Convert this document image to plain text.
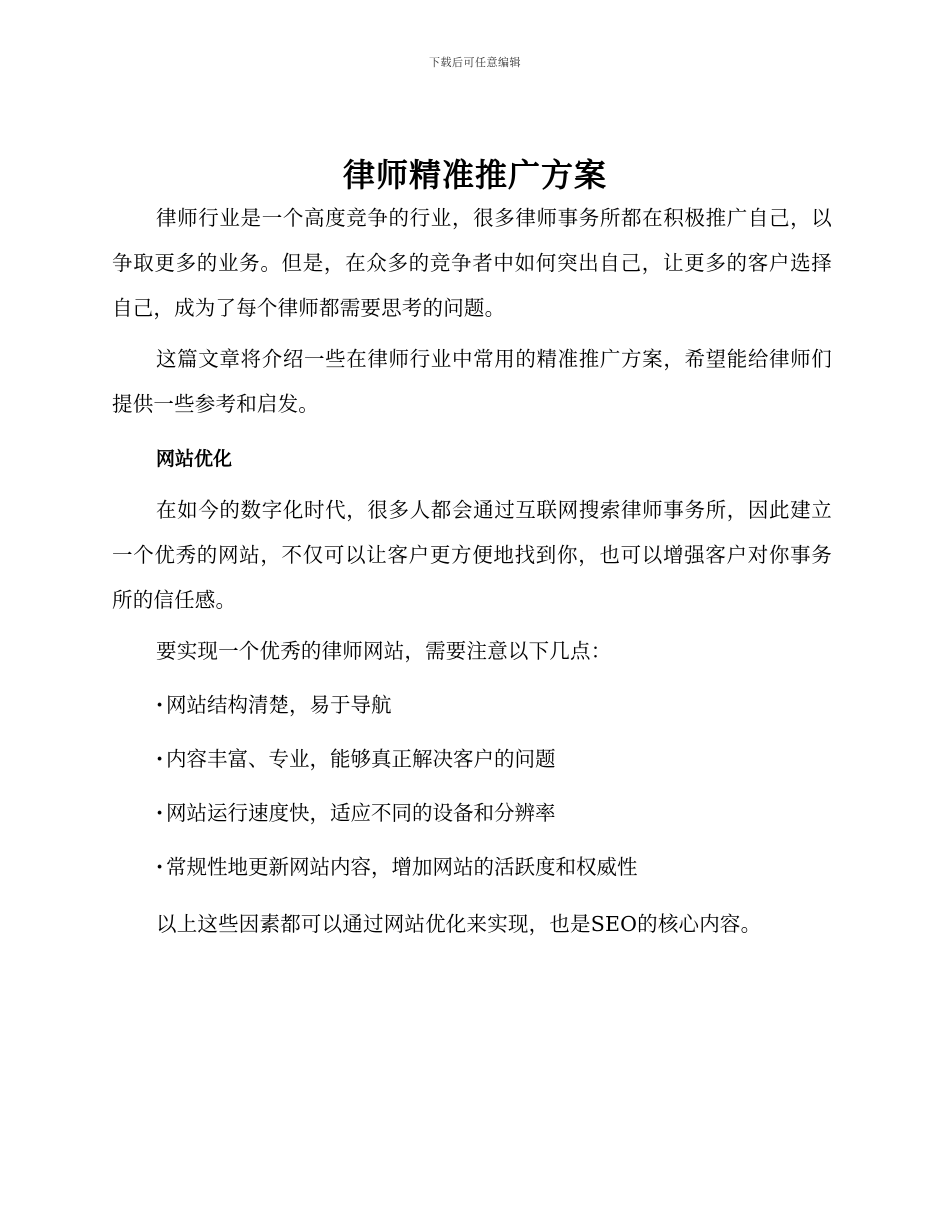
下载后可任意编辑
律师精准推广方案

律师行业是一个高度竞争的行业，很多律师事务所都在积极推广自己，以争取更多的业务。但是，在众多的竞争者中如何突出自己，让更多的客户选择自己，成为了每个律师都需要思考的问题。

这篇文章将介绍一些在律师行业中常用的精准推广方案，希望能给律师们提供一些参考和启发。

网站优化

在如今的数字化时代，很多人都会通过互联网搜索律师事务所，因此建立一个优秀的网站，不仅可以让客户更方便地找到你，也可以增强客户对你事务所的信任感。

要实现一个优秀的律师网站，需要注意以下几点：

· 网站结构清楚，易于导航
· 内容丰富、专业，能够真正解决客户的问题
· 网站运行速度快，适应不同的设备和分辨率
· 常规性地更新网站内容，增加网站的活跃度和权威性

以上这些因素都可以通过网站优化来实现，也是SEO的核心内容。
